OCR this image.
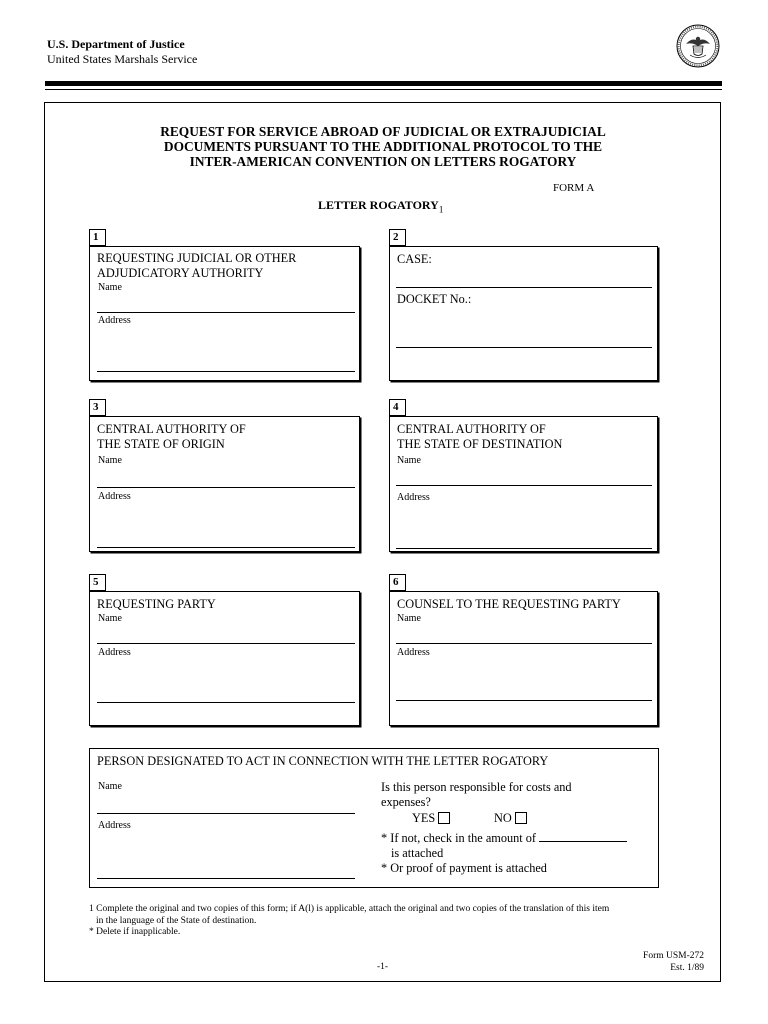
U.S. Department of Justice
United States Marshals Service
REQUEST FOR SERVICE ABROAD OF JUDICIAL OR EXTRAJUDICIAL
DOCUMENTS PURSUANT TO THE ADDITIONAL PROTOCOL TO THE
INTER-AMERICAN CONVENTION ON LETTERS ROGATORY
FORM A
LETTER $ROGATORY_1$
1
REQUESTING JUDICIAL OR OTHER
ADJUDICATORY AUTHORITY
Name
Address
2
CASE:
DOCKET No.:
3
CENTRAL AUTHORITY OF
THE STATE OF ORIGIN
Name
Address
4
CENTRAL AUTHORITY OF
THE STATE OF DESTINATION
Name
Address
5
REQUESTING PARTY
Name
Address
6
COUNSEL TO THE REQUESTING PARTY
Name
Address
PERSON DESIGNATED TO ACT IN CONNECTION WITH THE LETTER ROGATORY
Name
Address
Is this person responsible for costs and
expenses?
YES	NO
* If not, check in the amount of
is attached
* Or proof of payment is attached
1 Complete the original and two copies of this form; if A(l) is applicable, attach the original and two copies of the translation of this item
in the language of the State of destination.
* Delete if inapplicable.
-1-
Form USM-272
Est. 1/89
